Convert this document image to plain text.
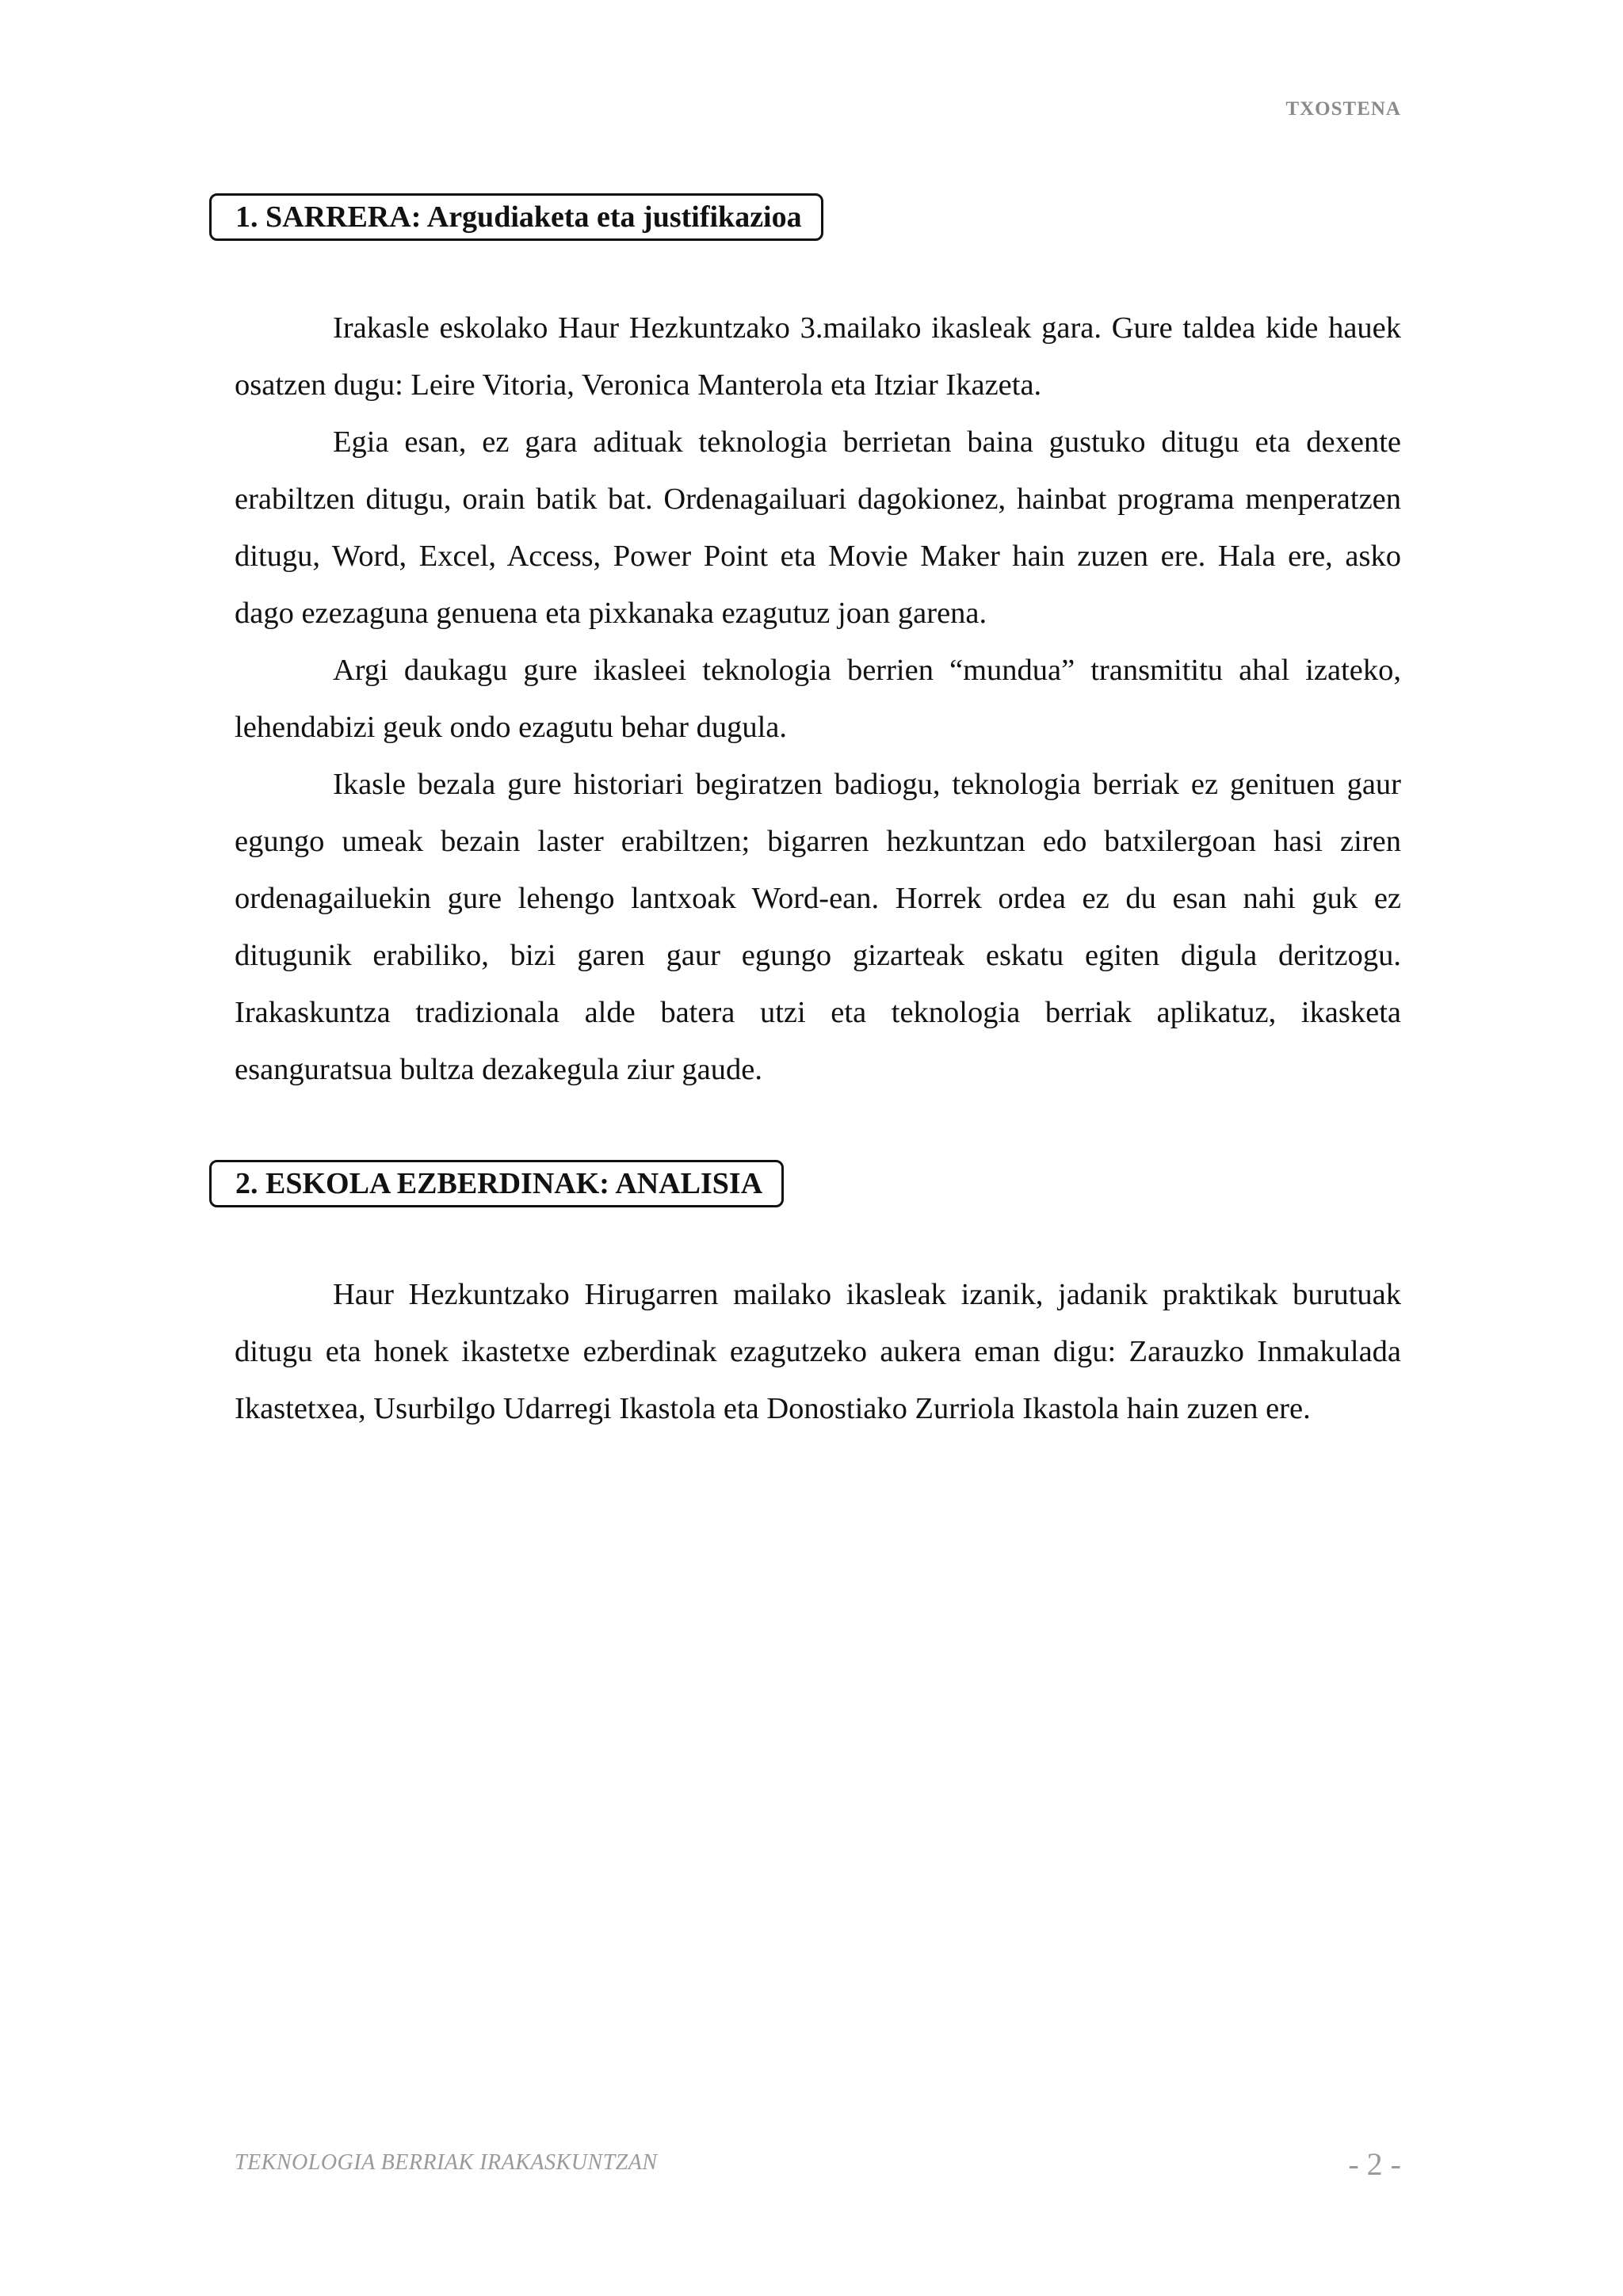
TXOSTENA
1. SARRERA: Argudiaketa eta justifikazioa

Irakasle eskolako Haur Hezkuntzako 3.mailako ikasleak gara. Gure taldea kide hauek osatzen dugu: Leire Vitoria, Veronica Manterola eta Itziar Ikazeta.

Egia esan, ez gara adituak teknologia berrietan baina gustuko ditugu eta dexente erabiltzen ditugu, orain batik bat. Ordenagailuari dagokionez, hainbat programa menperatzen ditugu, Word, Excel, Access, Power Point eta Movie Maker hain zuzen ere. Hala ere, asko dago ezezaguna genuena eta pixkanaka ezagutuz joan garena.

Argi daukagu gure ikasleei teknologia berrien “mundua” transmititu ahal izateko, lehendabizi geuk ondo ezagutu behar dugula.

Ikasle bezala gure historiari begiratzen badiogu, teknologia berriak ez genituen gaur egungo umeak bezain laster erabiltzen; bigarren hezkuntzan edo batxilergoan hasi ziren ordenagailuekin gure lehengo lantxoak Word-ean. Horrek ordea ez du esan nahi guk ez ditugunik erabiliko, bizi garen gaur egungo gizarteak eskatu egiten digula deritzogu. Irakaskuntza tradizionala alde batera utzi eta teknologia berriak aplikatuz, ikasketa esanguratsua bultza dezakegula ziur gaude.

2. ESKOLA EZBERDINAK: ANALISIA

Haur Hezkuntzako Hirugarren mailako ikasleak izanik, jadanik praktikak burutuak ditugu eta honek ikastetxe ezberdinak ezagutzeko aukera eman digu: Zarauzko Inmakulada Ikastetxea, Usurbilgo Udarregi Ikastola eta Donostiako Zurriola Ikastola hain zuzen ere.

TEKNOLOGIA BERRIAK IRAKASKUNTZAN	- 2 -
